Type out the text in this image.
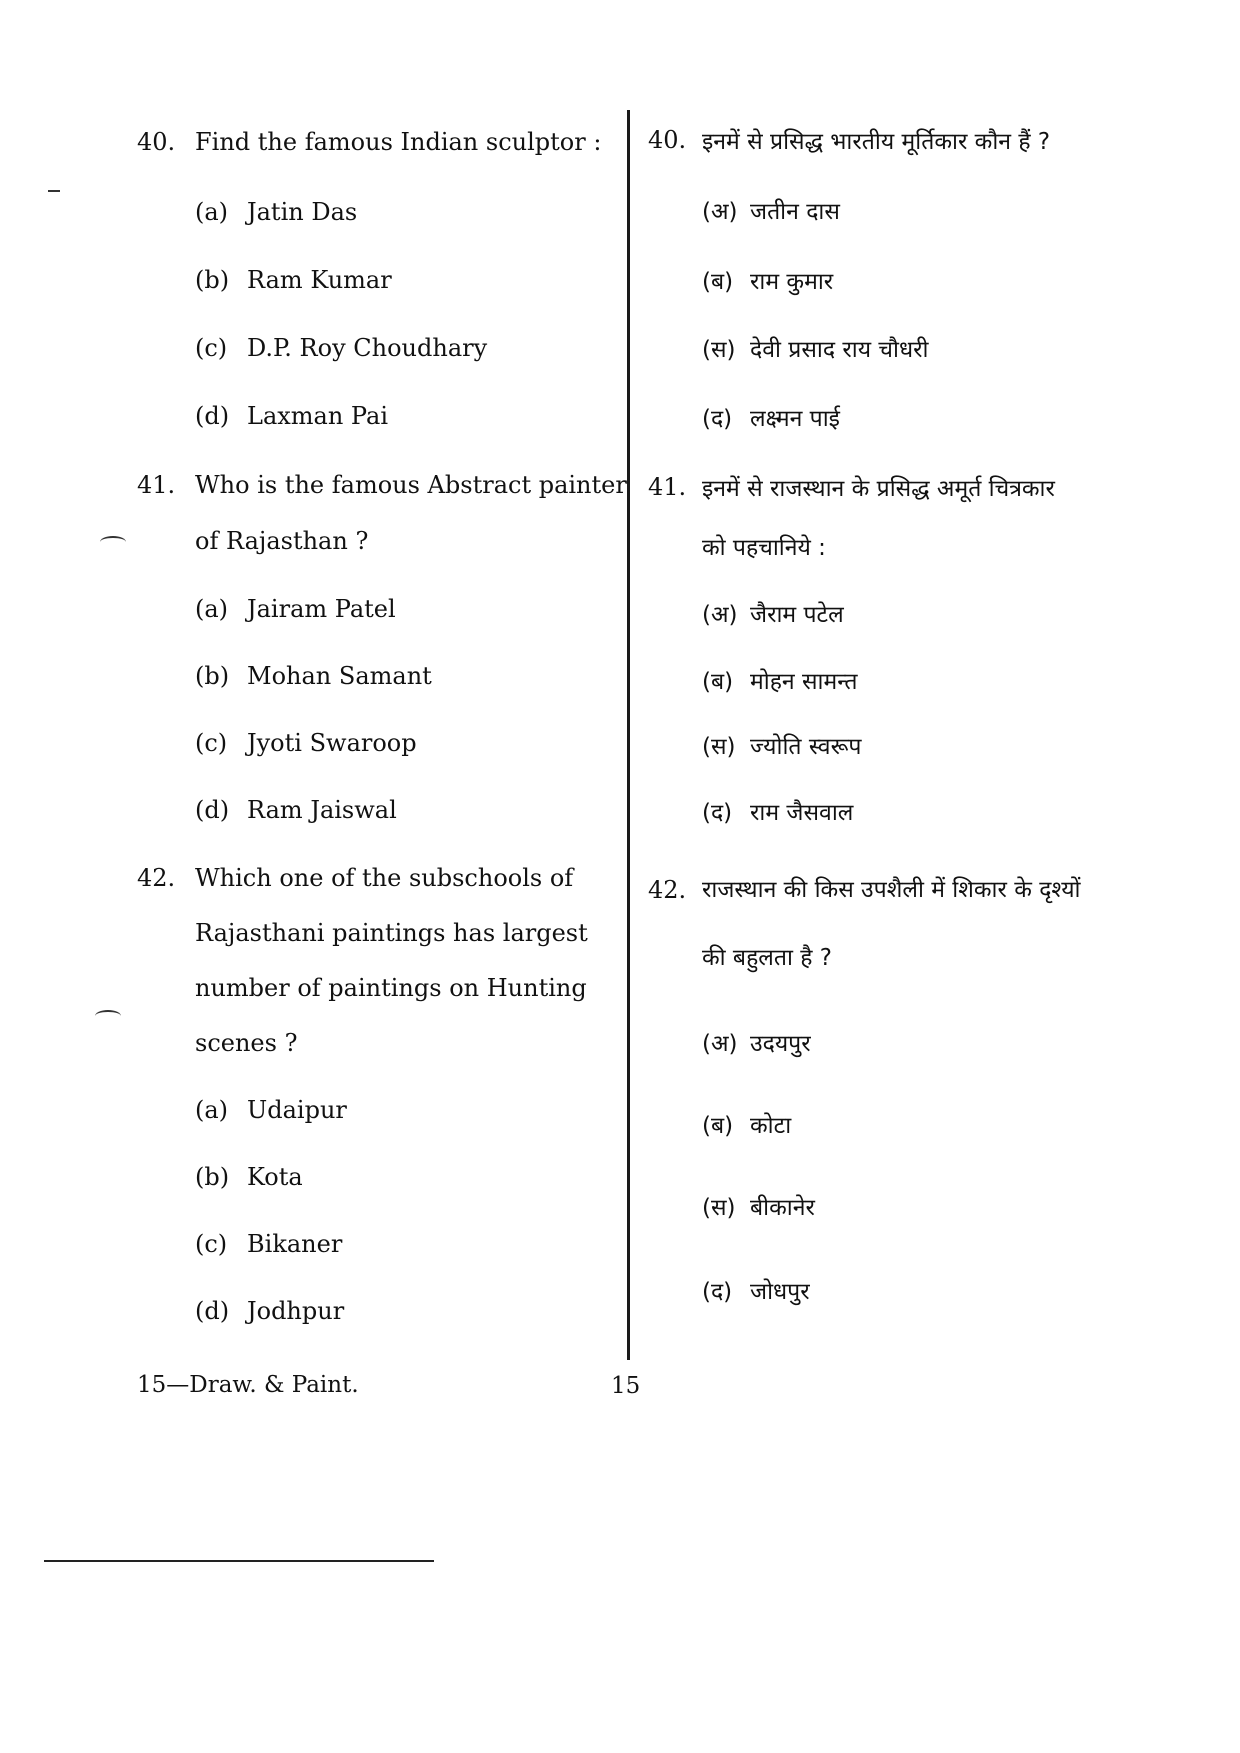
40. Find the famous Indian sculptor :
(a) Jatin Das
(b) Ram Kumar
(c) D.P. Roy Choudhary
(d) Laxman Pai
41. Who is the famous Abstract painter
of Rajasthan ?
(a) Jairam Patel
(b) Mohan Samant
(c) Jyoti Swaroop
(d) Ram Jaiswal
42. Which one of the subschools of
Rajasthani paintings has largest
number of paintings on Hunting
scenes ?
(a) Udaipur
(b) Kota
(c) Bikaner
(d) Jodhpur
40. इनमें से प्रसिद्ध भारतीय मूर्तिकार कौन हैं ?
(अ) जतीन दास
(ब) राम कुमार
(स) देवी प्रसाद राय चौधरी
(द) लक्ष्मन पाई
41. इनमें से राजस्थान के प्रसिद्ध अमूर्त चित्रकार
को पहचानिये :
(अ) जैराम पटेल
(ब) मोहन सामन्त
(स) ज्योति स्वरूप
(द) राम जैसवाल
42. राजस्थान की किस उपशैली में शिकार के दृश्यों
की बहुलता है ?
(अ) उदयपुर
(ब) कोटा
(स) बीकानेर
(द) जोधपुर
15—Draw. & Paint.	15
